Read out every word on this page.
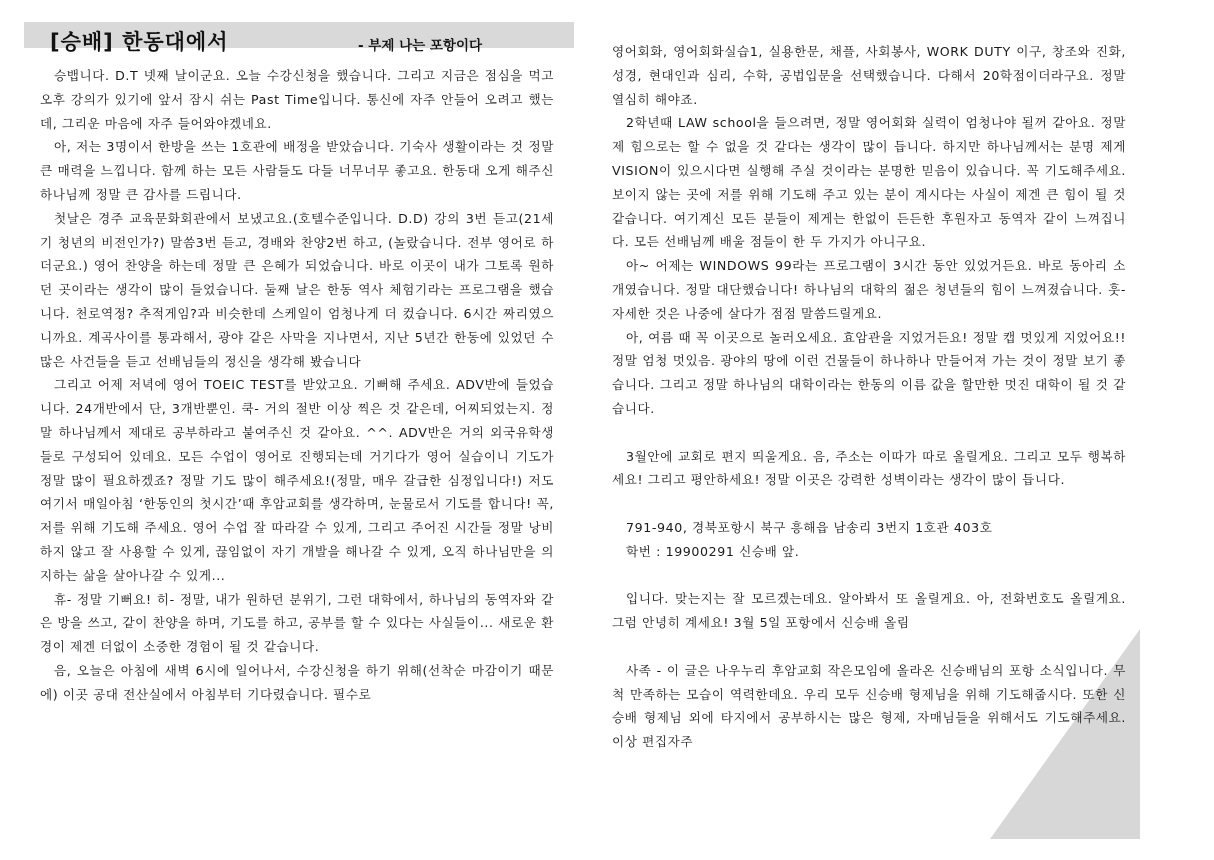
[승배] 한동대에서	- 부제 나는 포항이다

승뱁니다. D.T 넷째 날이군요. 오늘 수강신청을 했습니다. 그리고 지금은 점심을 먹고 오후 강의가 있기에 앞서 잠시 쉬는 Past Time입니다. 통신에 자주 안들어 오려고 했는데, 그리운 마음에 자주 들어와야겠네요.

아, 저는 3명이서 한방을 쓰는 1호관에 배정을 받았습니다. 기숙사 생활이라는 것 정말 큰 매력을 느낍니다. 함께 하는 모든 사람들도 다들 너무너무 좋고요. 한동대 오게 해주신 하나님께 정말 큰 감사를 드립니다.

첫날은 경주 교육문화회관에서 보냈고요.(호텔수준입니다. D.D) 강의 3번 듣고(21세기 청년의 비전인가?) 말씀3번 듣고, 경배와 찬양2번 하고, (놀랐습니다. 전부 영어로 하더군요.) 영어 찬양을 하는데 정말 큰 은혜가 되었습니다. 바로 이곳이 내가 그토록 원하던 곳이라는 생각이 많이 들었습니다. 둘째 날은 한동 역사 체험기라는 프로그램을 했습니다. 천로역정? 추적게임?과 비슷한데 스케일이 엄청나게 더 컸습니다. 6시간 짜리였으니까요. 계곡사이를 통과해서, 광야 같은 사막을 지나면서, 지난 5년간 한동에 있었던 수많은 사건들을 듣고 선배님들의 정신을 생각해 봤습니다

그리고 어제 저녁에 영어 TOEIC TEST를 받았고요. 기뻐해 주세요. ADV반에 들었습니다. 24개반에서 단, 3개반뿐인. 쿡- 거의 절반 이상 찍은 것 같은데, 어찌되었는지. 정말 하나님께서 제대로 공부하라고 붙여주신 것 같아요. ^^. ADV반은 거의 외국유학생들로 구성되어 있데요. 모든 수업이 영어로 진행되는데 거기다가 영어 실습이니 기도가 정말 많이 필요하겠죠? 정말 기도 많이 해주세요!(정말, 매우 갈급한 심정입니다!) 저도 여기서 매일아침 ‘한동인의 첫시간’때 후암교회를 생각하며, 눈물로서 기도를 합니다! 꼭, 저를 위해 기도해 주세요. 영어 수업 잘 따라갈 수 있게, 그리고 주어진 시간들 정말 낭비하지 않고 잘 사용할 수 있게, 끊임없이 자기 개발을 해나갈 수 있게, 오직 하나님만을 의지하는 삶을 살아나갈 수 있게...

휴- 정말 기뻐요! 히- 정말, 내가 원하던 분위기, 그런 대학에서, 하나님의 동역자와 같은 방을 쓰고, 같이 찬양을 하며, 기도를 하고, 공부를 할 수 있다는 사실들이... 새로운 환경이 제겐 더없이 소중한 경험이 될 것 같습니다.

음, 오늘은 아침에 새벽 6시에 일어나서, 수강신청을 하기 위해(선착순 마감이기 때문에) 이곳 공대 전산실에서 아침부터 기다렸습니다. 필수로

영어회화, 영어회화실습1, 실용한문, 채플, 사회봉사, WORK DUTY 이구, 창조와 진화, 성경, 현대인과 심리, 수학, 공법입문을 선택했습니다. 다해서 20학점이더라구요. 정말 열심히 해야죠.

2학년때 LAW school을 들으려면, 정말 영어회화 실력이 엄청나야 될꺼 같아요. 정말 제 힘으로는 할 수 없을 것 같다는 생각이 많이 듭니다. 하지만 하나님께서는 분명 제게 VISION이 있으시다면 실행해 주실 것이라는 분명한 믿음이 있습니다. 꼭 기도해주세요. 보이지 않는 곳에 저를 위해 기도해 주고 있는 분이 계시다는 사실이 제겐 큰 힘이 될 것 같습니다. 여기계신 모든 분들이 제게는 한없이 든든한 후원자고 동역자 같이 느껴집니다. 모든 선배님께 배울 점들이 한 두 가지가 아니구요.

아~ 어제는 WINDOWS 99라는 프로그램이 3시간 동안 있었거든요. 바로 동아리 소개였습니다. 정말 대단했습니다! 하나님의 대학의 젊은 청년들의 힘이 느껴졌습니다. 훗- 자세한 것은 나중에 살다가 점점 말씀드릴게요.

아, 여름 때 꼭 이곳으로 놀러오세요. 효암관을 지었거든요! 정말 캡 멋있게 지었어요!! 정말 엄청 멋있음. 광야의 땅에 이런 건물들이 하나하나 만들어져 가는 것이 정말 보기 좋습니다. 그리고 정말 하나님의 대학이라는 한동의 이름 값을 할만한 멋진 대학이 될 것 같습니다.

3월안에 교회로 편지 띄울게요. 음, 주소는 이따가 따로 올릴게요. 그리고 모두 행복하세요! 그리고 평안하세요! 정말 이곳은 강력한 성벽이라는 생각이 많이 듭니다.

791-940, 경북포항시 북구 흥해읍 남송리 3번지 1호관 403호

학번 : 19900291 신승배 앞.

입니다. 맞는지는 잘 모르겠는데요. 알아봐서 또 올릴게요. 아, 전화번호도 올릴게요. 그럼 안녕히 계세요! 3월 5일 포항에서 신승배 올림

사족 - 이 글은 나우누리 후암교회 작은모임에 올라온 신승배님의 포항 소식입니다. 무척 만족하는 모습이 역력한데요. 우리 모두 신승배 형제님을 위해 기도해줍시다. 또한 신승배 형제님 외에 타지에서 공부하시는 많은 형제, 자매님들을 위해서도 기도해주세요. 이상 편집자주
